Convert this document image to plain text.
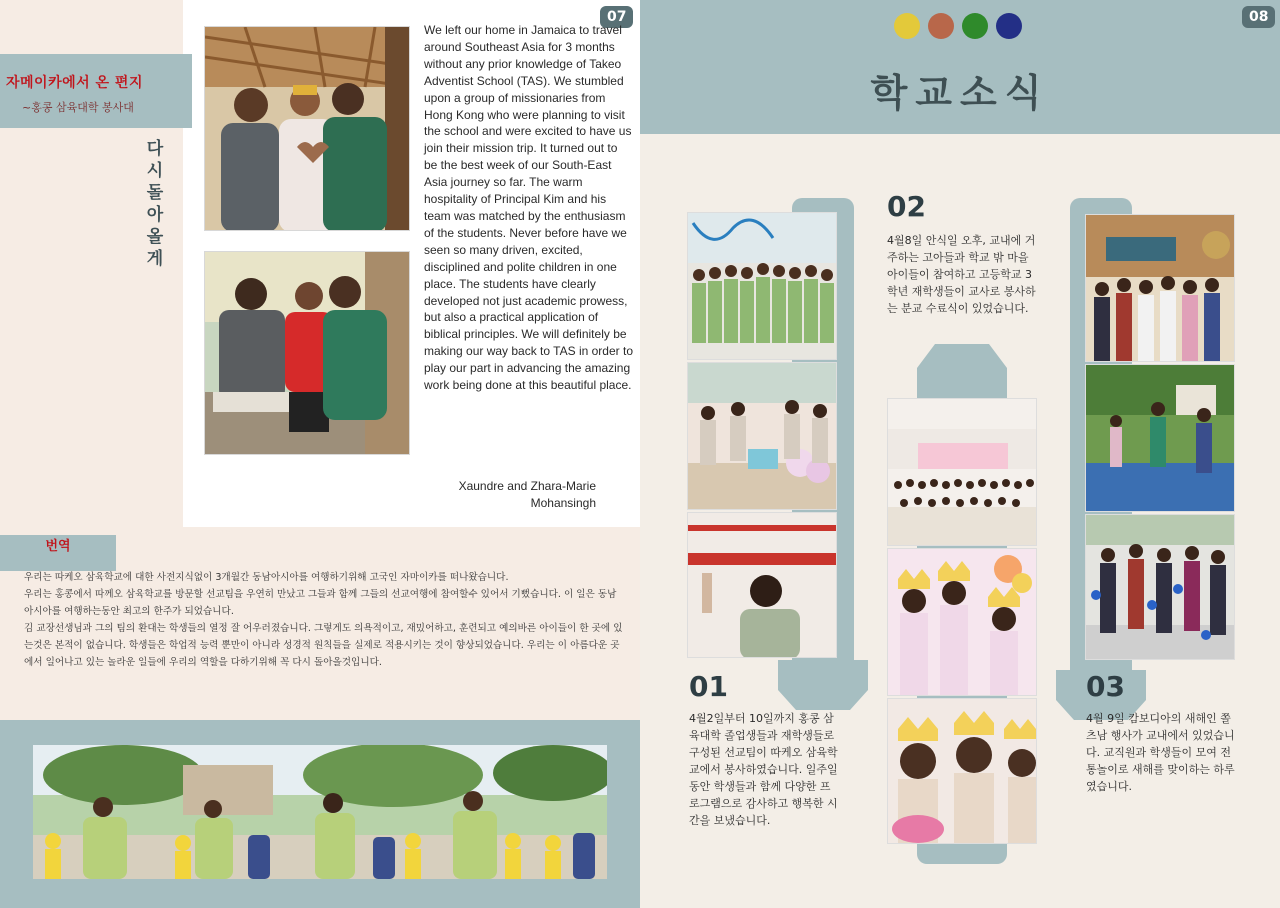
자메이카에서 온 편지
~홍콩 삼육대학 봉사대
다
시
돌
아
올
게
07
We left our home in Jamaica to travel around Southeast Asia for 3 months without any prior knowledge of Takeo Adventist School (TAS). We stumbled upon a group of missionaries from Hong Kong who were planning to visit the school and were excited to have us join their mission trip. It turned out to be the best week of our South-East Asia journey so far. The warm hospitality of Principal Kim and his team was matched by the enthusiasm of the students. Never before have we seen so many driven, excited, disciplined and polite children in one place. The students have clearly developed not just academic prowess, but also a practical application of biblical principles. We will definitely be making our way back to TAS in order to play our part in advancing the amazing work being done at this beautiful place.
Xaundre and Zhara-Marie
Mohansingh
번역

우리는 따케오 삼육학교에 대한 사전지식없이 3개월간 동남아시아를 여행하기위해 고국인 자마이카를 떠나왔습니다.

우리는 홍콩에서 따께오 삼육학교를 방문할 선교팀을 우연히 만났고 그들과 함께 그들의 선교여행에 참여할수 있어서 기뻤습니다. 이 일은 동남아시아를 여행하는동안 최고의 한주가 되었습니다.

김 교장선생님과 그의 팀의 환대는 학생들의 열정 잘 어우러졌습니다. 그렇게도 의욕적이고, 재밌어하고, 훈련되고 예의바른 아이들이 한 곳에 있는것은 본적이 없습니다. 학생들은 학업적 능력 뿐만이 아니라 성경적 원칙들을 실제로 적용시키는 것이 향상되었습니다. 우리는 이 아름다운 곳에서 일어나고 있는 놀라운 일들에 우리의 역할을 다하기위해 꼭 다시 돌아올것입니다.

학교소식
08
01
4월2일부터 10일까지 홍콩 삼육대학 졸업생들과 재학생들로 구성된 선교팀이 따케오 삼육학교에서 봉사하였습니다. 일주일 동안 학생들과 함께 다양한 프로그램으로 감사하고 행복한 시간을 보냈습니다.
02
4월8일 안식일 오후, 교내에 거주하는 고아들과 학교 밖 마을 아이들이 참여하고 고등학교 3학년 재학생들이 교사로 봉사하는 분교 수료식이 있었습니다.
03
4월 9일 캄보디아의 새해인 쫄츠남 행사가 교내에서 있었습니다. 교직원과 학생들이 모여 전통놀이로 새해를 맞이하는 하루였습니다.
